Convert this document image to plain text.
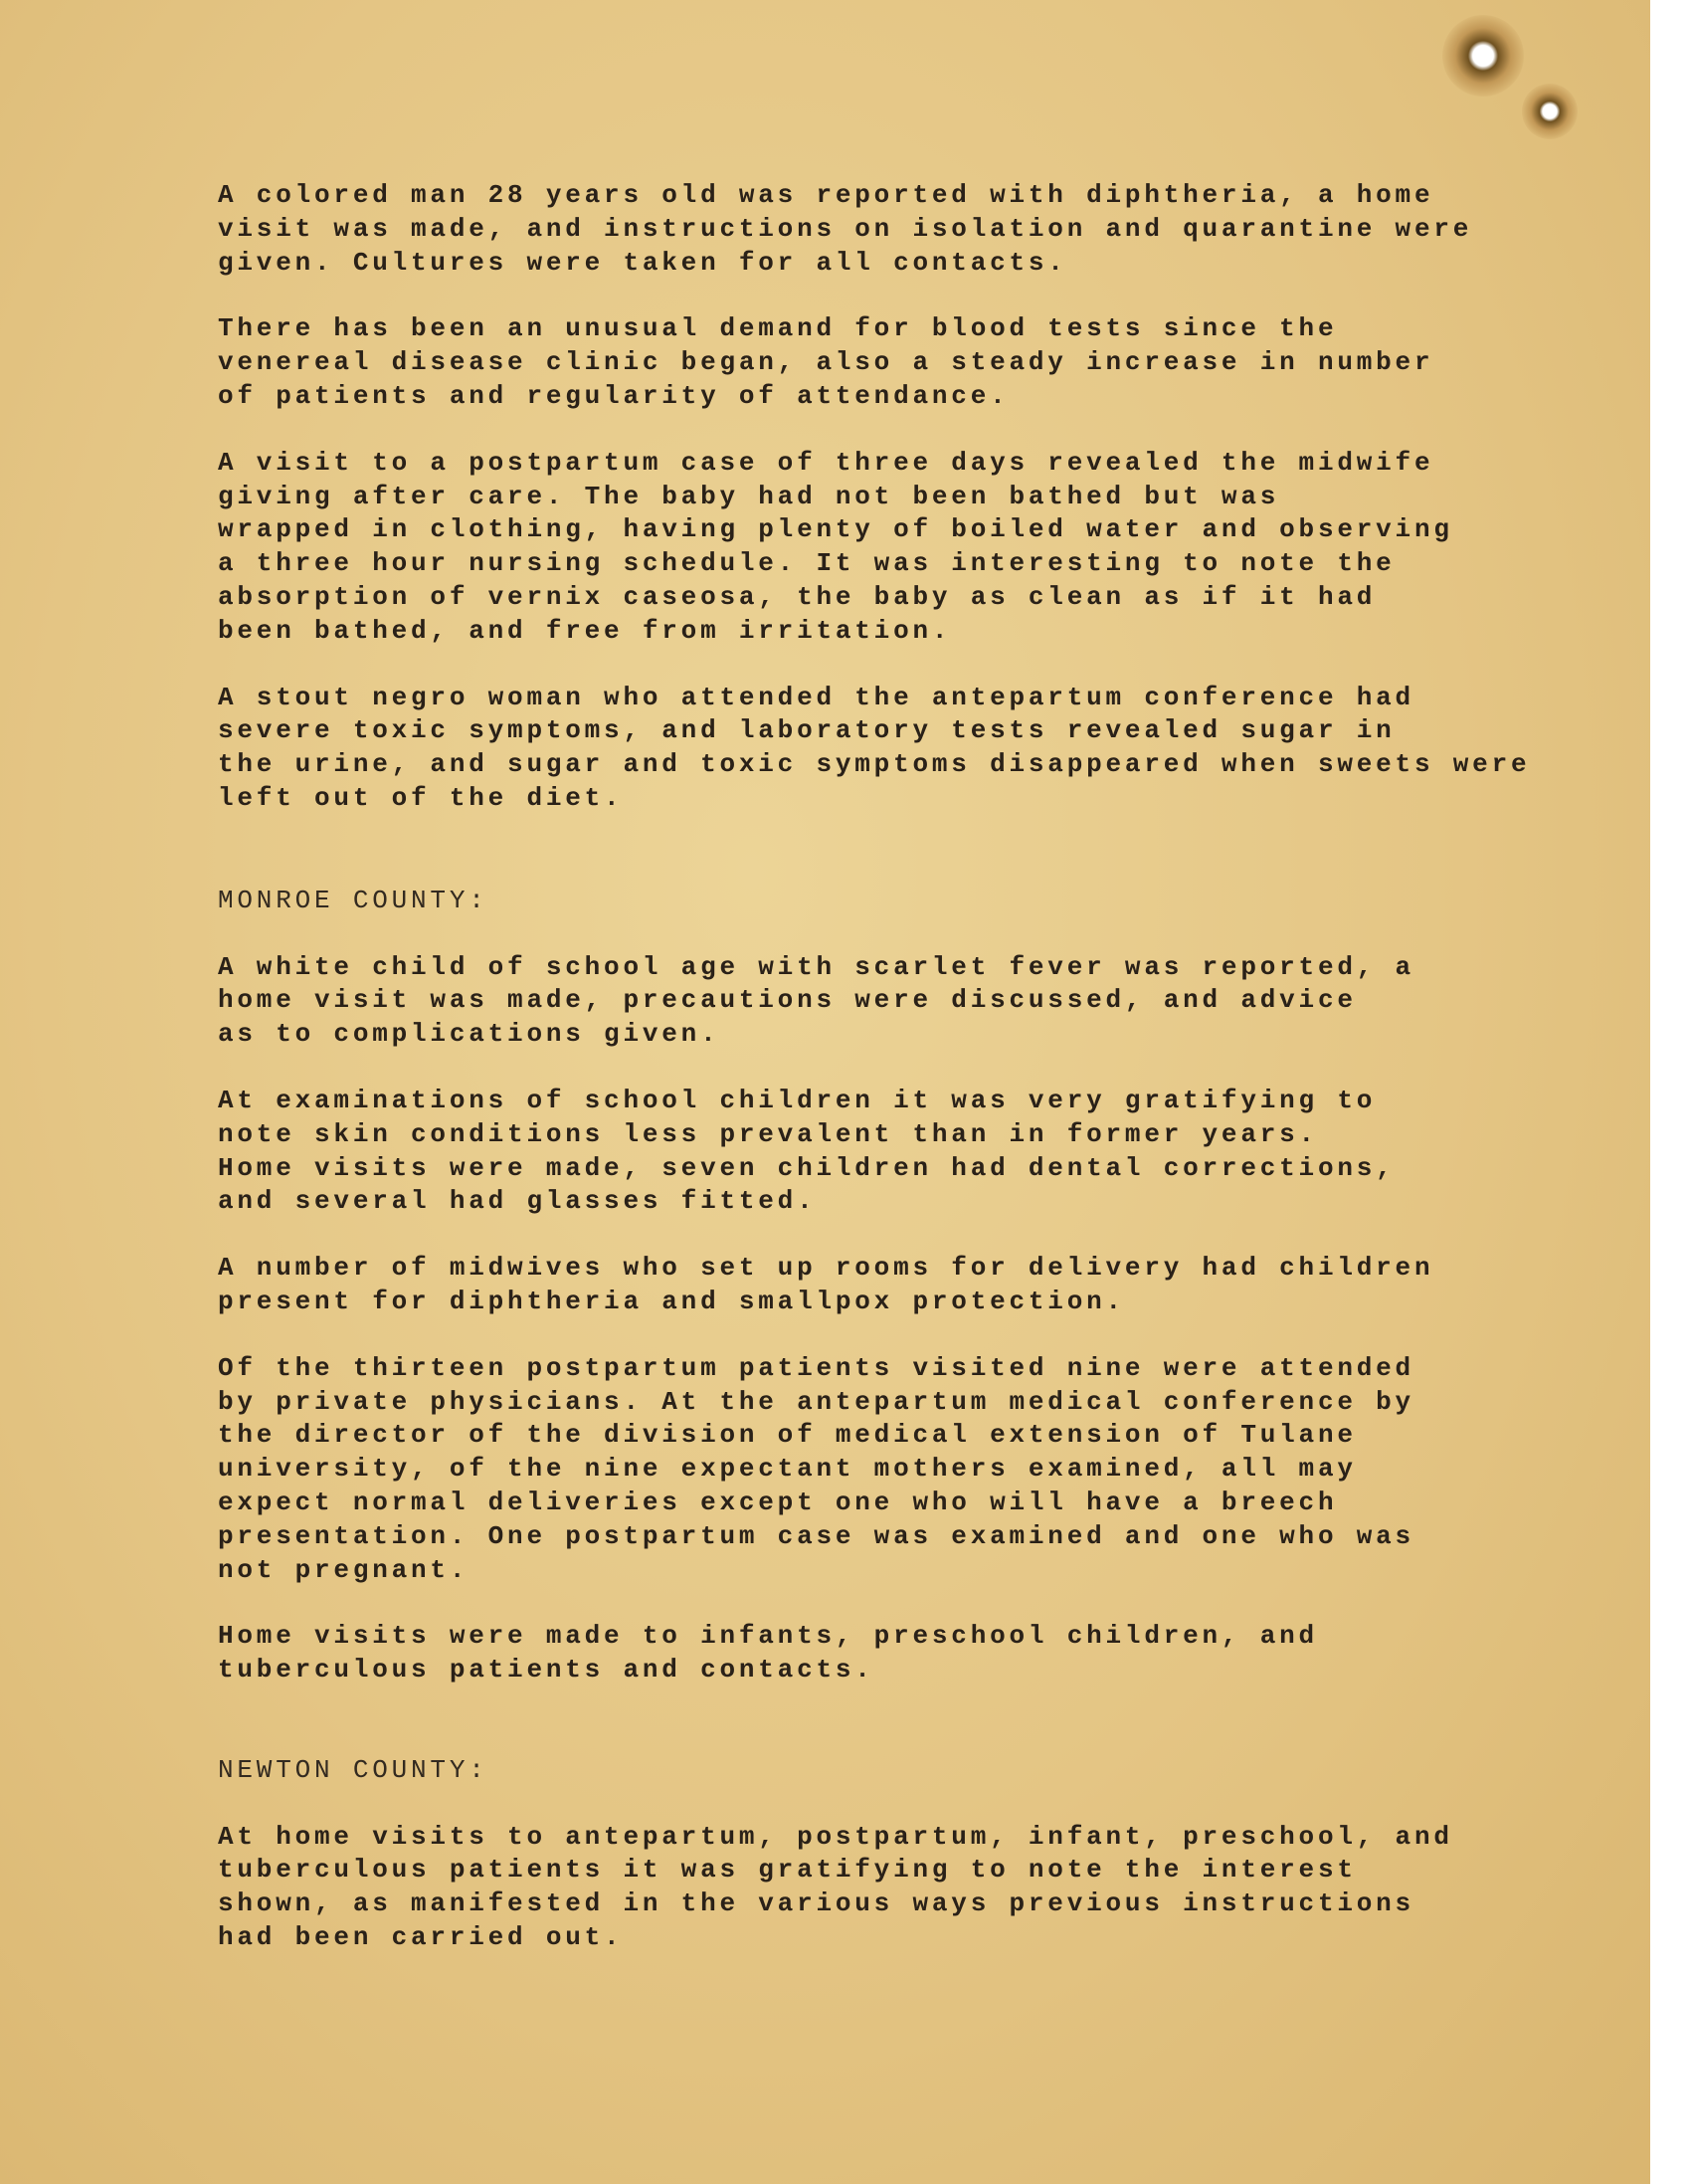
A colored man 28 years old was reported with diphtheria, a home
visit was made, and instructions on isolation and quarantine were
given. Cultures were taken for all contacts.
There has been an unusual demand for blood tests since the
venereal disease clinic began, also a steady increase in number
of patients and regularity of attendance.
A visit to a postpartum case of three days revealed the midwife
giving after care. The baby had not been bathed but was
wrapped in clothing, having plenty of boiled water and observing
a three hour nursing schedule. It was interesting to note the
absorption of vernix caseosa, the baby as clean as if it had
been bathed, and free from irritation.
A stout negro woman who attended the antepartum conference had
severe toxic symptoms, and laboratory tests revealed sugar in
the urine, and sugar and toxic symptoms disappeared when sweets were
left out of the diet.
MONROE COUNTY:
A white child of school age with scarlet fever was reported, a
home visit was made, precautions were discussed, and advice
as to complications given.
At examinations of school children it was very gratifying to
note skin conditions less prevalent than in former years.
Home visits were made, seven children had dental corrections,
and several had glasses fitted.
A number of midwives who set up rooms for delivery had children
present for diphtheria and smallpox protection.
Of the thirteen postpartum patients visited nine were attended
by private physicians. At the antepartum medical conference by
the director of the division of medical extension of Tulane
university, of the nine expectant mothers examined, all may
expect normal deliveries except one who will have a breech
presentation. One postpartum case was examined and one who was
not pregnant.
Home visits were made to infants, preschool children, and
tuberculous patients and contacts.
NEWTON COUNTY:
At home visits to antepartum, postpartum, infant, preschool, and
tuberculous patients it was gratifying to note the interest
shown, as manifested in the various ways previous instructions
had been carried out.
